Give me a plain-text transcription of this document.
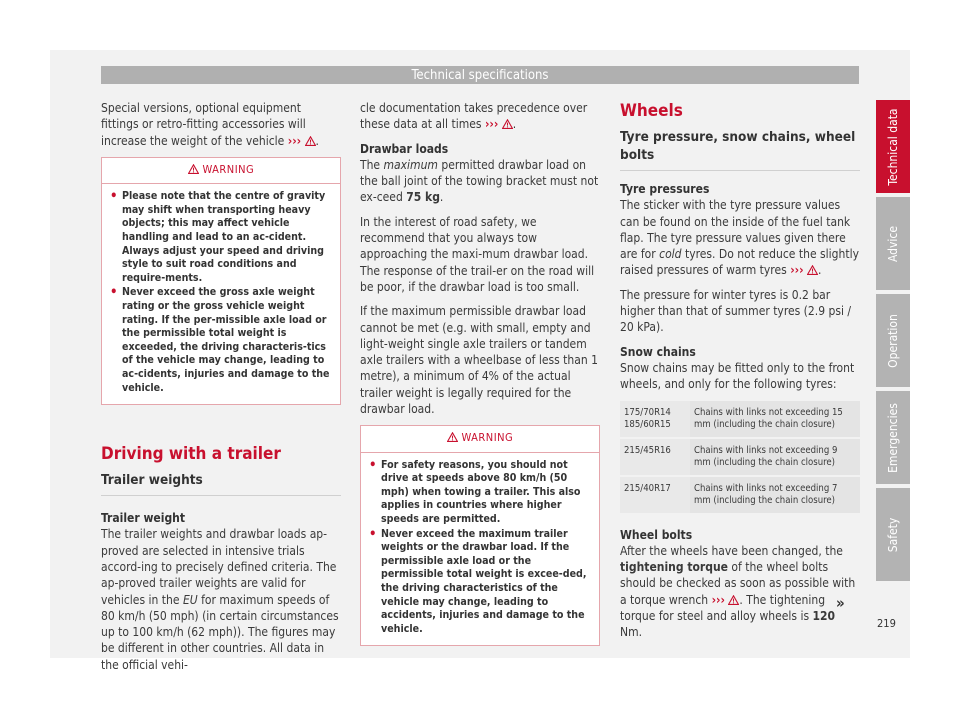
Technical specifications

Special versions, optional equipment fittings or retro-fitting accessories will increase the weight of the vehicle ››› .

WARNING
• Please note that the centre of gravity may shift when transporting heavy objects; this may affect vehicle handling and lead to an ac-cident. Always adjust your speed and driving style to suit road conditions and require-ments.
• Never exceed the gross axle weight rating or the gross vehicle weight rating. If the per-missible axle load or the permissible total weight is exceeded, the driving characteris-tics of the vehicle may change, leading to ac-cidents, injuries and damage to the vehicle.
Driving with a trailer
Trailer weights

Trailer weight

The trailer weights and drawbar loads ap-proved are selected in intensive trials accord-ing to precisely defined criteria. The ap-proved trailer weights are valid for vehicles in the EU for maximum speeds of 80 km/h (50 mph) (in certain circumstances up to 100 km/h (62 mph)). The figures may be different in other countries. All data in the official vehi-

cle documentation takes precedence over these data at all times ››› .

Drawbar loads

The maximum permitted drawbar load on the ball joint of the towing bracket must not ex-ceed 75 kg.

In the interest of road safety, we recommend that you always tow approaching the maxi-mum drawbar load. The response of the trail-er on the road will be poor, if the drawbar load is too small.

If the maximum permissible drawbar load cannot be met (e.g. with small, empty and light-weight single axle trailers or tandem axle trailers with a wheelbase of less than 1 metre), a minimum of 4% of the actual trailer weight is legally required for the drawbar load.

WARNING
• For safety reasons, you should not drive at speeds above 80 km/h (50 mph) when towing a trailer. This also applies in countries where higher speeds are permitted.
• Never exceed the maximum trailer weights or the drawbar load. If the permissible axle load or the permissible total weight is excee-ded, the driving characteristics of the vehicle may change, leading to accidents, injuries and damage to the vehicle.
Wheels
Tyre pressure, snow chains, wheel bolts

Tyre pressures

The sticker with the tyre pressure values can be found on the inside of the fuel tank flap. The tyre pressure values given there are for cold tyres. Do not reduce the slightly raised pressures of warm tyres ››› .

The pressure for winter tyres is 0.2 bar higher than that of summer tyres (2.9 psi / 20 kPa).

Snow chains

Snow chains may be fitted only to the front wheels, and only for the following tyres:

175/70R14 185/60R15	Chains with links not exceeding 15 mm (including the chain closure)
215/45R16	Chains with links not exceeding 9 mm (including the chain closure)
215/40R17	Chains with links not exceeding 7 mm (including the chain closure)

Wheel bolts

After the wheels have been changed, the tightening torque of the wheel bolts should be checked as soon as possible with a torque wrench ››› . The tightening torque for steel and alloy wheels is 120 Nm.

»
Technical data
Advice
Operation
Emergencies
Safety
219
